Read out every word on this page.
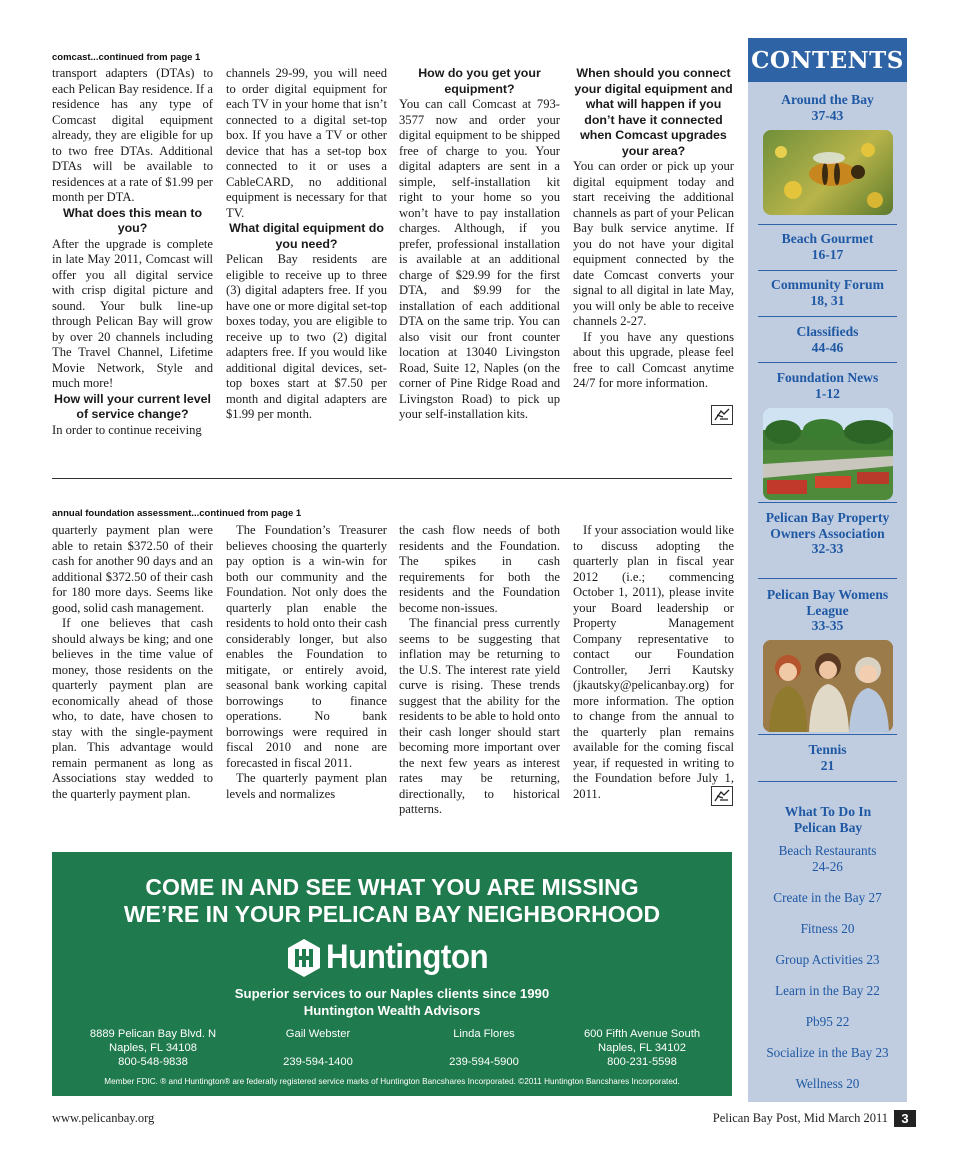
comcast...continued from page 1

transport adapters (DTAs) to each Pelican Bay residence. If a residence has any type of Comcast digital equipment already, they are eligible for up to two free DTAs. Additional DTAs will be available to residences at a rate of $1.99 per month per DTA.

What does this mean to you?

After the upgrade is complete in late May 2011, Comcast will offer you all digital service with crisp digital picture and sound. Your bulk line-up through Pelican Bay will grow by over 20 channels including The Travel Channel, Lifetime Movie Network, Style and much more!

How will your current level of service change?

In order to continue receiving

channels 29-99, you will need to order digital equipment for each TV in your home that isn’t connected to a digital set-top box. If you have a TV or other device that has a set-top box connected to it or uses a CableCARD, no additional equipment is necessary for that TV.

What digital equipment do you need?

Pelican Bay residents are eligible to receive up to three (3) digital adapters free. If you have one or more digital set-top boxes today, you are eligible to receive up to two (2) digital adapters free. If you would like additional digital devices, set-top boxes start at $7.50 per month and digital adapters are $1.99 per month.

How do you get your equipment?

You can call Comcast at 793-3577 now and order your digital equipment to be shipped free of charge to you. Your digital adapters are sent in a simple, self-installation kit right to your home so you won’t have to pay installation charges. Although, if you prefer, professional installation is available at an additional charge of $29.99 for the first DTA, and $9.99 for the installation of each additional DTA on the same trip. You can also visit our front counter location at 13040 Livingston Road, Suite 12, Naples (on the corner of Pine Ridge Road and Livingston Road) to pick up your self-installation kits.

When should you connect your digital equipment and what will happen if you don’t have it connected when Comcast upgrades your area?

You can order or pick up your digital equipment today and start receiving the additional channels as part of your Pelican Bay bulk service anytime. If you do not have your digital equipment connected by the date Comcast converts your signal to all digital in late May, you will only be able to receive channels 2-27.

If you have any questions about this upgrade, please feel free to call Comcast anytime 24/7 for more information.

annual foundation assessment...continued from page 1

quarterly payment plan were able to retain $372.50 of their cash for another 90 days and an additional $372.50 of their cash for 180 more days. Seems like good, solid cash management.

If one believes that cash should always be king; and one believes in the time value of money, those residents on the quarterly payment plan are economically ahead of those who, to date, have chosen to stay with the single-payment plan. This advantage would remain permanent as long as Associations stay wedded to the quarterly payment plan.

The Foundation’s Treasurer believes choosing the quarterly pay option is a win-win for both our community and the Foundation. Not only does the quarterly plan enable the residents to hold onto their cash considerably longer, but also enables the Foundation to mitigate, or entirely avoid, seasonal bank working capital borrowings to finance operations. No bank borrowings were required in fiscal 2010 and none are forecasted in fiscal 2011.

The quarterly payment plan levels and normalizes

the cash flow needs of both residents and the Foundation. The spikes in cash requirements for both the residents and the Foundation become non-issues.

The financial press currently seems to be suggesting that inflation may be returning to the U.S. The interest rate yield curve is rising. These trends suggest that the ability for the residents to be able to hold onto their cash longer should start becoming more important over the next few years as interest rates may be returning, directionally, to historical patterns.

If your association would like to discuss adopting the quarterly plan in fiscal year 2012 (i.e.; commencing October 1, 2011), please invite your Board leadership or Property Management Company representative to contact our Foundation Controller, Jerri Kautsky (jkautsky@pelicanbay.org) for more information. The option to change from the annual to the quarterly plan remains available for the coming fiscal year, if requested in writing to the Foundation before July 1, 2011.

COME IN AND SEE WHAT YOU ARE MISSING
WE’RE IN YOUR PELICAN BAY NEIGHBORHOOD
Huntington
Superior services to our Naples clients since 1990
Huntington Wealth Advisors
8889 Pelican Bay Blvd. N
Naples, FL 34108
800-548-9838
Gail Webster

239-594-1400
Linda Flores

239-594-5900
600 Fifth Avenue South
Naples, FL 34102
800-231-5598
Member FDIC. ® and Huntington® are federally registered service marks of Huntington Bancshares Incorporated. ©2011 Huntington Bancshares Incorporated.
CONTENTS
Around the Bay
37-43
Beach Gourmet
16-17
Community Forum
18, 31
Classifieds
44-46
Foundation News
1-12
Pelican Bay Property Owners Association
32-33
Pelican Bay Womens League
33-35
Tennis
21
What To Do In Pelican Bay
Beach Restaurants 24-26
Create in the Bay 27
Fitness 20
Group Activities 23
Learn in the Bay 22
Pb95 22
Socialize in the Bay 23
Wellness 20
www.pelicanbay.org	Pelican Bay Post, Mid March 2011	3
